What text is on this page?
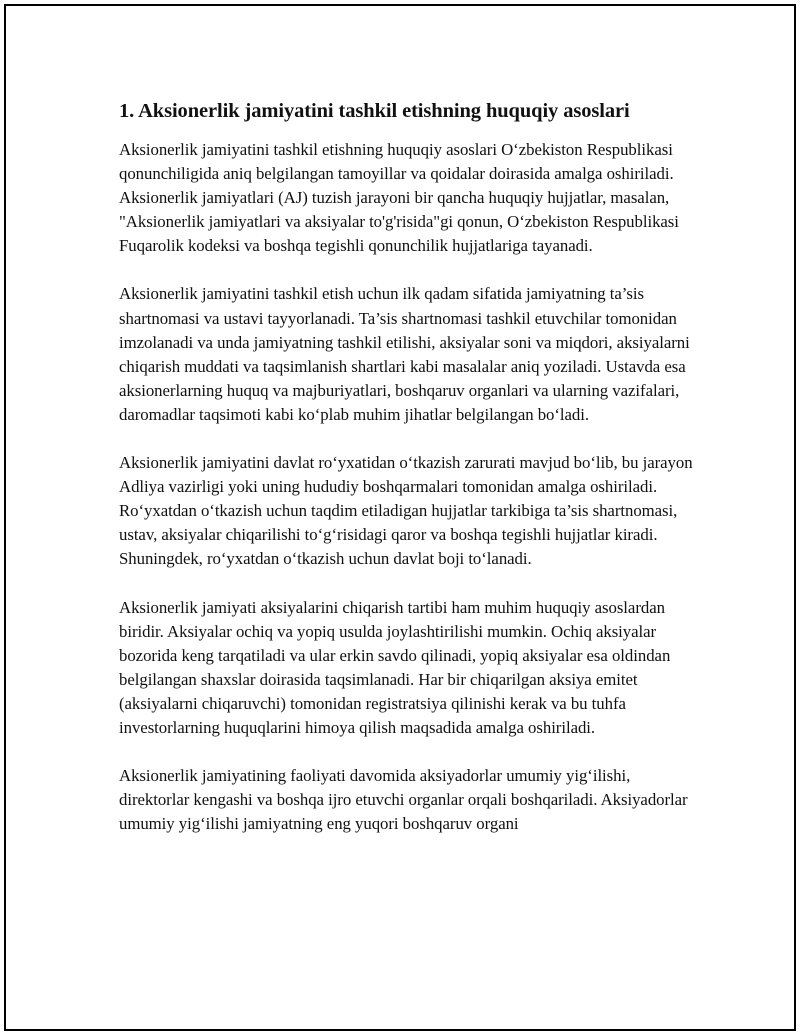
1. Aksionerlik jamiyatini tashkil etishning huquqiy asoslari

Aksionerlik jamiyatini tashkil etishning huquqiy asoslari O‘zbekiston Respublikasi qonunchiligida aniq belgilangan tamoyillar va qoidalar doirasida amalga oshiriladi. Aksionerlik jamiyatlari (AJ) tuzish jarayoni bir qancha huquqiy hujjatlar, masalan, "Aksionerlik jamiyatlari va aksiyalar to'g'risida"gi qonun, O‘zbekiston Respublikasi Fuqarolik kodeksi va boshqa tegishli qonunchilik hujjatlariga tayanadi.

Aksionerlik jamiyatini tashkil etish uchun ilk qadam sifatida jamiyatning ta’sis shartnomasi va ustavi tayyorlanadi. Ta’sis shartnomasi tashkil etuvchilar tomonidan imzolanadi va unda jamiyatning tashkil etilishi, aksiyalar soni va miqdori, aksiyalarni chiqarish muddati va taqsimlanish shartlari kabi masalalar aniq yoziladi. Ustavda esa aksionerlarning huquq va majburiyatlari, boshqaruv organlari va ularning vazifalari, daromadlar taqsimoti kabi ko‘plab muhim jihatlar belgilangan bo‘ladi.

Aksionerlik jamiyatini davlat ro‘yxatidan o‘tkazish zarurati mavjud bo‘lib, bu jarayon Adliya vazirligi yoki uning hududiy boshqarmalari tomonidan amalga oshiriladi. Ro‘yxatdan o‘tkazish uchun taqdim etiladigan hujjatlar tarkibiga ta’sis shartnomasi, ustav, aksiyalar chiqarilishi to‘g‘risidagi qaror va boshqa tegishli hujjatlar kiradi. Shuningdek, ro‘yxatdan o‘tkazish uchun davlat boji to‘lanadi.

Aksionerlik jamiyati aksiyalarini chiqarish tartibi ham muhim huquqiy asoslardan biridir. Aksiyalar ochiq va yopiq usulda joylashtirilishi mumkin. Ochiq aksiyalar bozorida keng tarqatiladi va ular erkin savdo qilinadi, yopiq aksiyalar esa oldindan belgilangan shaxslar doirasida taqsimlanadi. Har bir chiqarilgan aksiya emitet (aksiyalarni chiqaruvchi) tomonidan registratsiya qilinishi kerak va bu tuhfa investorlarning huquqlarini himoya qilish maqsadida amalga oshiriladi.

Aksionerlik jamiyatining faoliyati davomida aksiyadorlar umumiy yig‘ilishi, direktorlar kengashi va boshqa ijro etuvchi organlar orqali boshqariladi. Aksiyadorlar umumiy yig‘ilishi jamiyatning eng yuqori boshqaruv organi
